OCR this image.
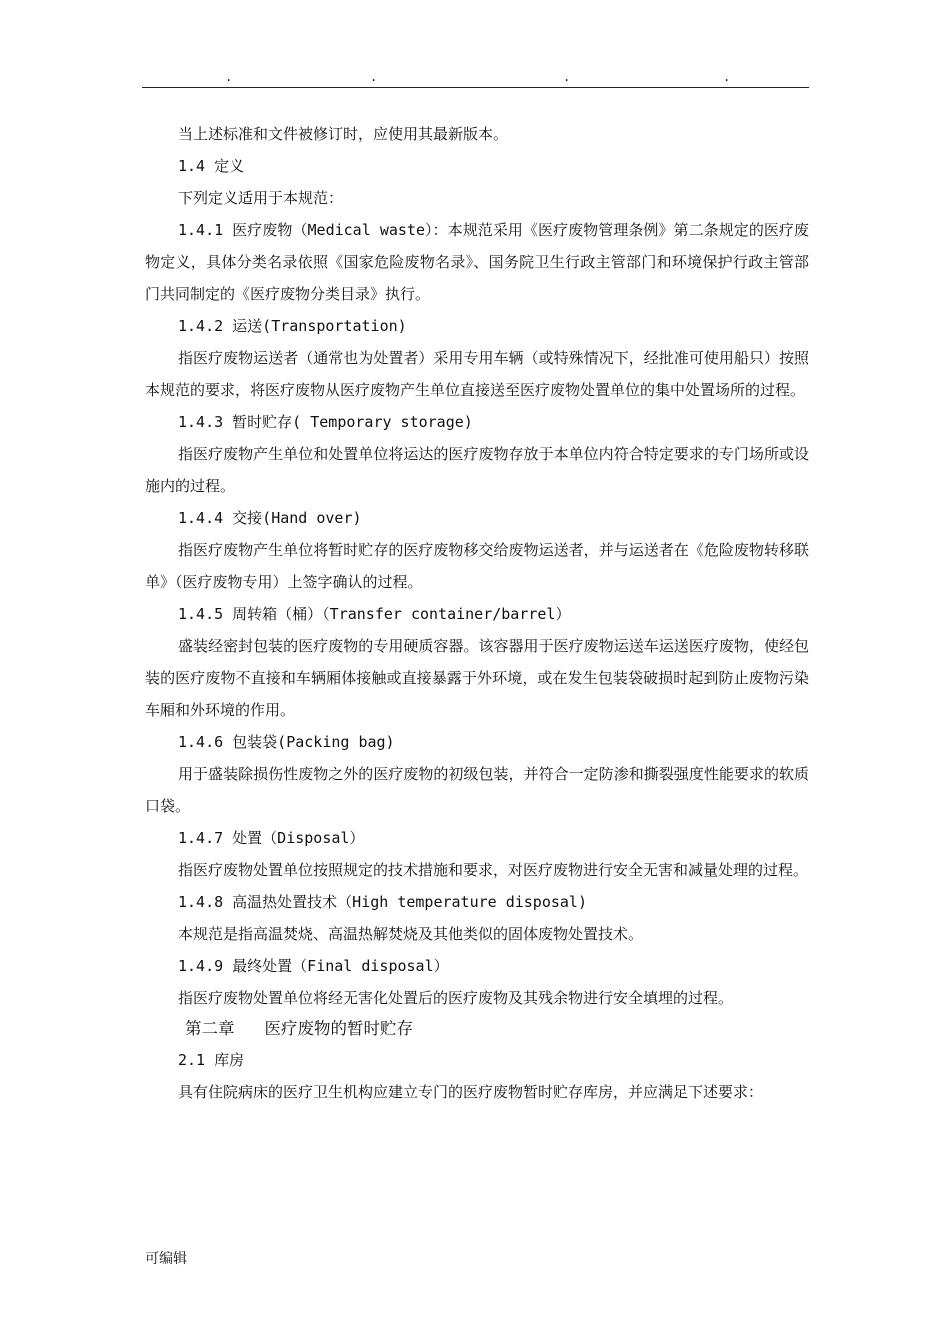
.	.	.	.

当上述标准和文件被修订时，应使用其最新版本。

1.4 定义

下列定义适用于本规范：

1.4.1 医疗废物（Medical waste）：本规范采用《医疗废物管理条例》第二条规定的医疗废物定义，具体分类名录依照《国家危险废物名录》、国务院卫生行政主管部门和环境保护行政主管部门共同制定的《医疗废物分类目录》执行。

1.4.2 运送(Transportation)

指医疗废物运送者（通常也为处置者）采用专用车辆（或特殊情况下，经批准可使用船只）按照本规范的要求，将医疗废物从医疗废物产生单位直接送至医疗废物处置单位的集中处置场所的过程。

1.4.3 暂时贮存( Temporary storage)

指医疗废物产生单位和处置单位将运达的医疗废物存放于本单位内符合特定要求的专门场所或设施内的过程。

1.4.4 交接(Hand over)

指医疗废物产生单位将暂时贮存的医疗废物移交给废物运送者，并与运送者在《危险废物转移联单》（医疗废物专用）上签字确认的过程。

1.4.5 周转箱（桶）（Transfer container/barrel）

盛装经密封包装的医疗废物的专用硬质容器。该容器用于医疗废物运送车运送医疗废物，使经包装的医疗废物不直接和车辆厢体接触或直接暴露于外环境，或在发生包装袋破损时起到防止废物污染车厢和外环境的作用。

1.4.6 包装袋(Packing bag)

用于盛装除损伤性废物之外的医疗废物的初级包装，并符合一定防渗和撕裂强度性能要求的软质口袋。

1.4.7 处置（Disposal）

指医疗废物处置单位按照规定的技术措施和要求，对医疗废物进行安全无害和减量处理的过程。

1.4.8 高温热处置技术（High temperature disposal)

本规范是指高温焚烧、高温热解焚烧及其他类似的固体废物处置技术。

1.4.9 最终处置（Final disposal）

指医疗废物处置单位将经无害化处置后的医疗废物及其残余物进行安全填埋的过程。

第二章 医疗废物的暂时贮存

2.1 库房

具有住院病床的医疗卫生机构应建立专门的医疗废物暂时贮存库房，并应满足下述要求：

可编辑
